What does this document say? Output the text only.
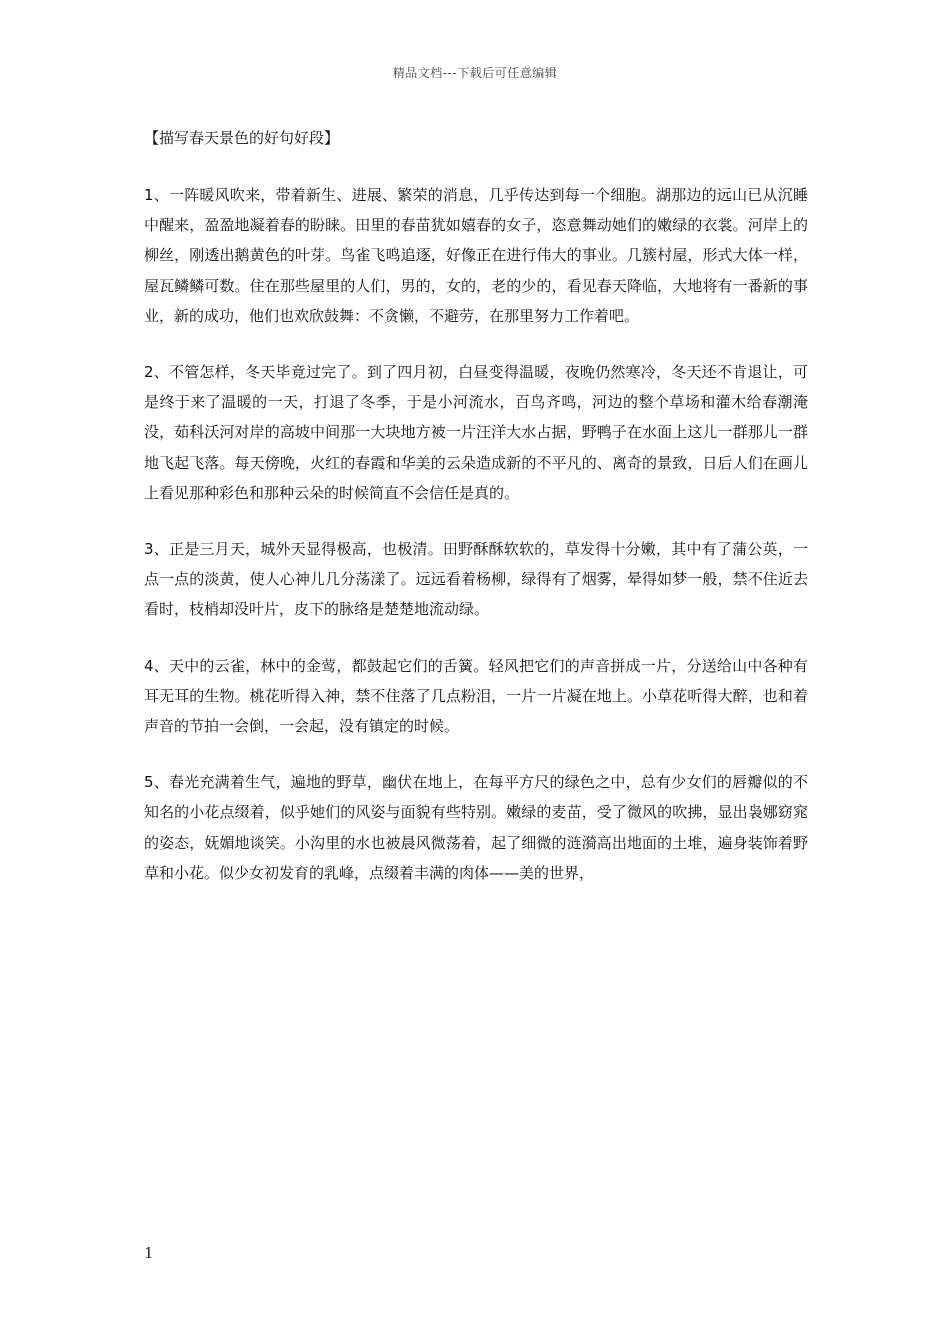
精品文档---下载后可任意编辑
【描写春天景色的好句好段】

1、一阵暖风吹来，带着新生、进展、繁荣的消息，几乎传达到每一个细胞。湖那边的远山已从沉睡中醒来，盈盈地凝着春的盼睐。田里的春苗犹如嬉春的女子，恣意舞动她们的嫩绿的衣裳。河岸上的柳丝，刚透出鹅黄色的叶芽。鸟雀飞鸣追逐，好像正在进行伟大的事业。几簇村屋，形式大体一样，屋瓦鳞鳞可数。住在那些屋里的人们，男的，女的，老的少的，看见春天降临，大地将有一番新的事业，新的成功，他们也欢欣鼓舞：不贪懒，不避劳，在那里努力工作着吧。

2、不管怎样，冬天毕竟过完了。到了四月初，白昼变得温暖，夜晚仍然寒冷，冬天还不肯退让，可是终于来了温暖的一天，打退了冬季，于是小河流水，百鸟齐鸣，河边的整个草场和灌木给春潮淹没，茹科沃河对岸的高坡中间那一大块地方被一片汪洋大水占据，野鸭子在水面上这儿一群那儿一群地飞起飞落。每天傍晚，火红的春霞和华美的云朵造成新的不平凡的、离奇的景致，日后人们在画儿上看见那种彩色和那种云朵的时候简直不会信任是真的。

3、正是三月天，城外天显得极高，也极清。田野酥酥软软的，草发得十分嫩，其中有了蒲公英，一点一点的淡黄，使人心神儿几分荡漾了。远远看着杨柳，绿得有了烟雾，晕得如梦一般，禁不住近去看时，枝梢却没叶片，皮下的脉络是楚楚地流动绿。

4、天中的云雀，林中的金莺，都鼓起它们的舌簧。轻风把它们的声音拼成一片，分送给山中各种有耳无耳的生物。桃花听得入神，禁不住落了几点粉泪，一片一片凝在地上。小草花听得大醉，也和着声音的节拍一会倒，一会起，没有镇定的时候。

5、春光充满着生气，遍地的野草，幽伏在地上，在每平方尺的绿色之中，总有少女们的唇瓣似的不知名的小花点缀着，似乎她们的风姿与面貌有些特别。嫩绿的麦苗，受了微风的吹拂，显出袅娜窈窕的姿态，妩媚地谈笑。小沟里的水也被晨风微荡着，起了细微的涟漪高出地面的土堆，遍身装饰着野草和小花。似少女初发育的乳峰，点缀着丰满的肉体——美的世界，

1
